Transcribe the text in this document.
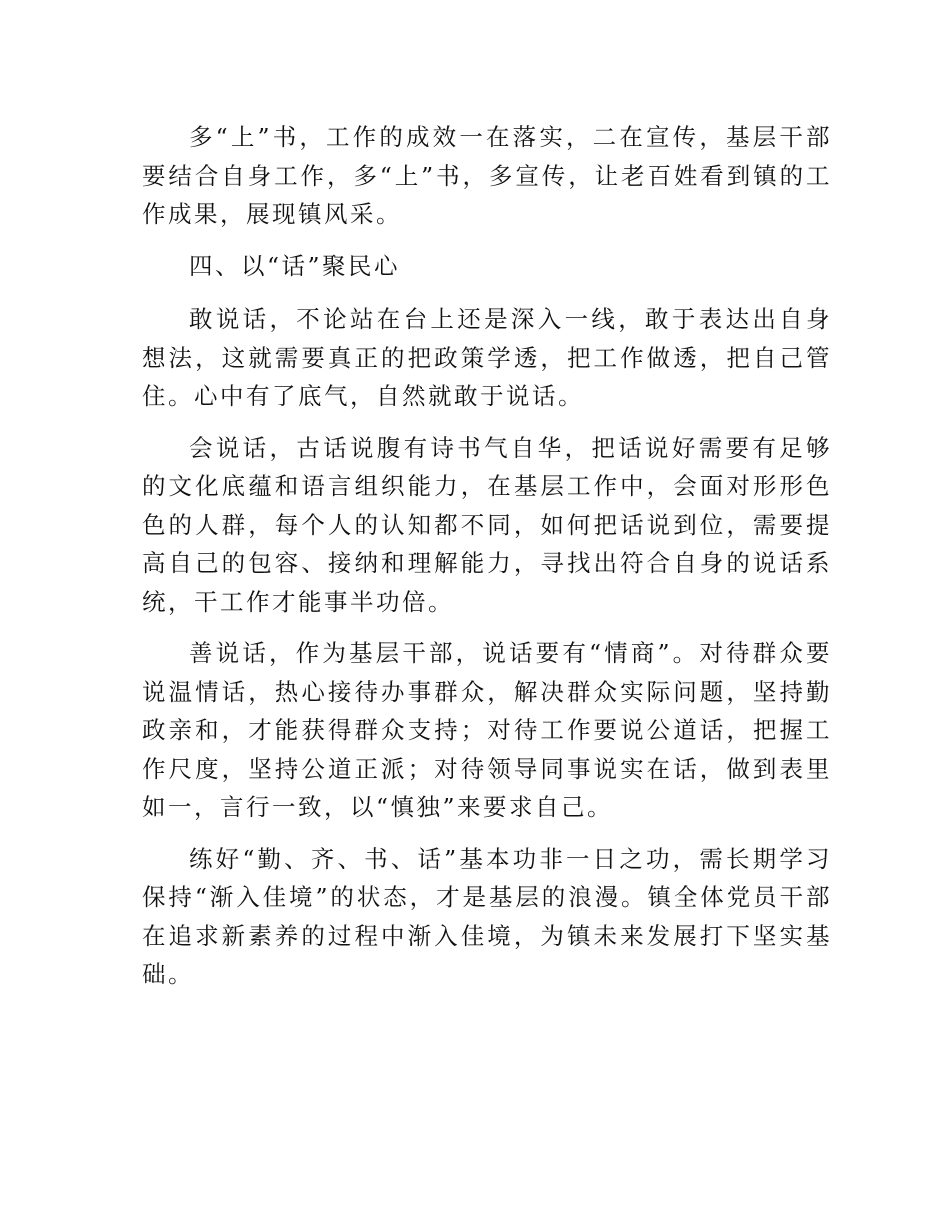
多“上”书，工作的成效一在落实，二在宣传，基层干部要结合自身工作，多“上”书，多宣传，让老百姓看到镇的工作成果，展现镇风采。

四、以“话”聚民心

敢说话，不论站在台上还是深入一线，敢于表达出自身想法，这就需要真正的把政策学透，把工作做透，把自己管住。心中有了底气，自然就敢于说话。

会说话，古话说腹有诗书气自华，把话说好需要有足够的文化底蕴和语言组织能力，在基层工作中，会面对形形色色的人群，每个人的认知都不同，如何把话说到位，需要提高自己的包容、接纳和理解能力，寻找出符合自身的说话系统，干工作才能事半功倍。

善说话，作为基层干部，说话要有“情商”。对待群众要说温情话，热心接待办事群众，解决群众实际问题，坚持勤政亲和，才能获得群众支持；对待工作要说公道话，把握工作尺度，坚持公道正派；对待领导同事说实在话，做到表里如一，言行一致，以“慎独”来要求自己。

练好“勤、齐、书、话”基本功非一日之功，需长期学习保持“渐入佳境”的状态，才是基层的浪漫。镇全体党员干部在追求新素养的过程中渐入佳境，为镇未来发展打下坚实基础。
